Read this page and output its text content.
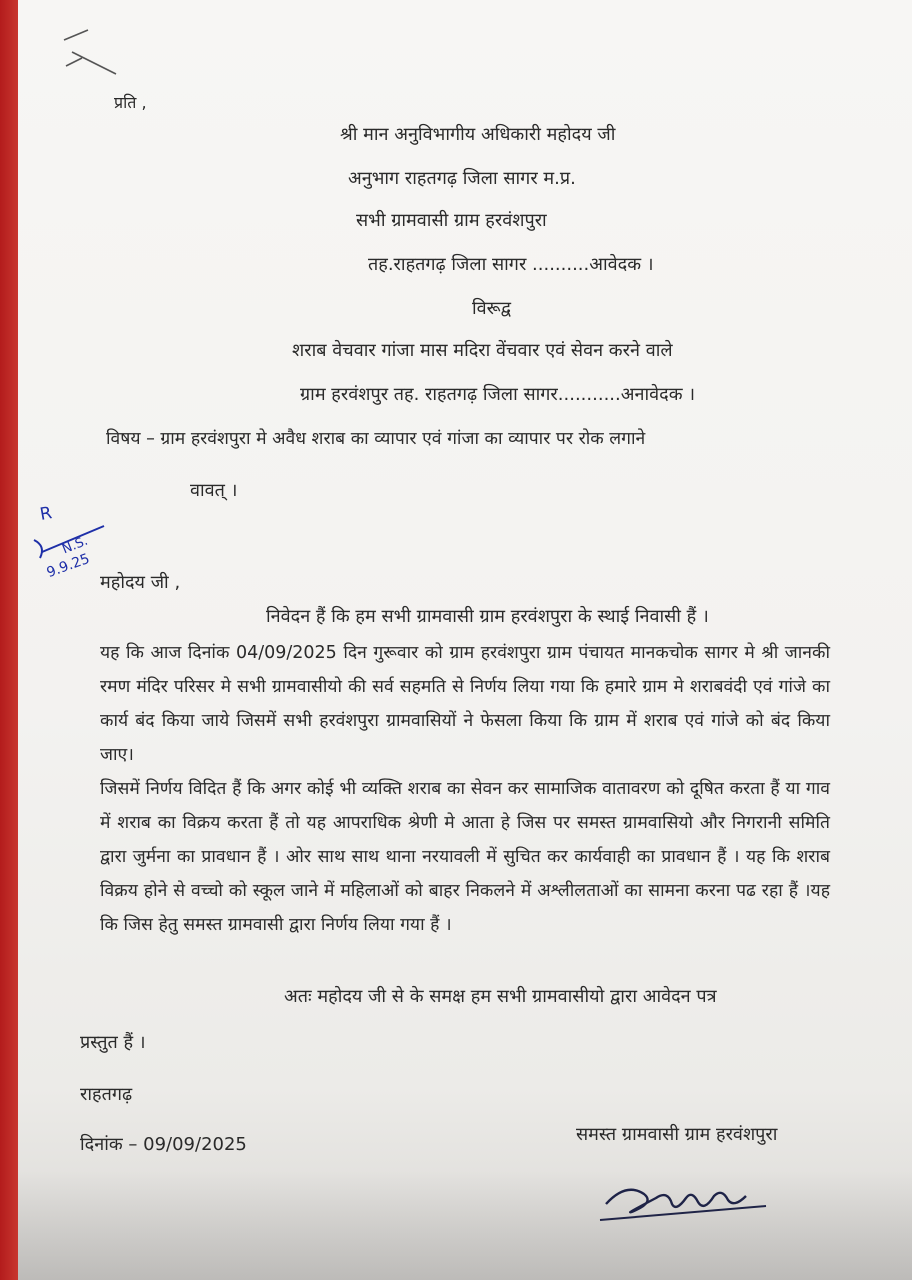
प्रति ,
श्री मान अनुविभागीय अधिकारी महोदय जी
अनुभाग राहतगढ़ जिला सागर म.प्र.
सभी ग्रामवासी ग्राम हरवंशपुरा
तह.राहतगढ़ जिला सागर ..........आवेदक ।
विरूद्व
शराब वेचवार गांजा मास मदिरा वेंचवार एवं सेवन करने वाले
ग्राम हरवंशपुर तह. राहतगढ़ जिला सागर...........अनावेदक ।
विषय – ग्राम हरवंशपुरा मे अवैध शराब का व्यापार एवं गांजा का व्यापार पर रोक लगाने
वावत् ।
R
N.S.
9.9.25
महोदय जी ,
निवेदन हैं कि हम सभी ग्रामवासी ग्राम हरवंशपुरा के स्थाई निवासी हैं ।
यह कि आज दिनांक 04/09/2025 दिन गुरूवार को ग्राम हरवंशपुरा ग्राम पंचायत मानकचोक सागर मे श्री जानकी रमण मंदिर परिसर मे सभी ग्रामवासीयो की सर्व सहमति से निर्णय लिया गया कि हमारे ग्राम मे शराबवंदी एवं गांजे का कार्य बंद किया जाये जिसमें सभी हरवंशपुरा ग्रामवासियों ने फेसला किया कि ग्राम में शराब एवं गांजे को बंद किया जाए।
जिसमें निर्णय विदित हैं कि अगर कोई भी व्यक्ति शराब का सेवन कर सामाजिक वातावरण को दूषित करता हैं या गाव में शराब का विक्रय करता हैं तो यह आपराधिक श्रेणी मे आता हे जिस पर समस्त ग्रामवासियो और निगरानी समिति द्वारा जुर्मना का प्रावधान हैं । ओर साथ साथ थाना नरयावली में सुचित कर कार्यवाही का प्रावधान हैं । यह कि शराब विक्रय होने से वच्चो को स्कूल जाने में महिलाओं को बाहर निकलने में अश्लीलताओं का सामना करना पढ रहा हैं ।यह कि जिस हेतु समस्त ग्रामवासी द्वारा निर्णय लिया गया हैं ।
अतः महोदय जी से के समक्ष हम सभी ग्रामवासीयो द्वारा आवेदन पत्र
प्रस्तुत हैं ।
राहतगढ़
दिनांक – 09/09/2025	समस्त ग्रामवासी ग्राम हरवंशपुरा
